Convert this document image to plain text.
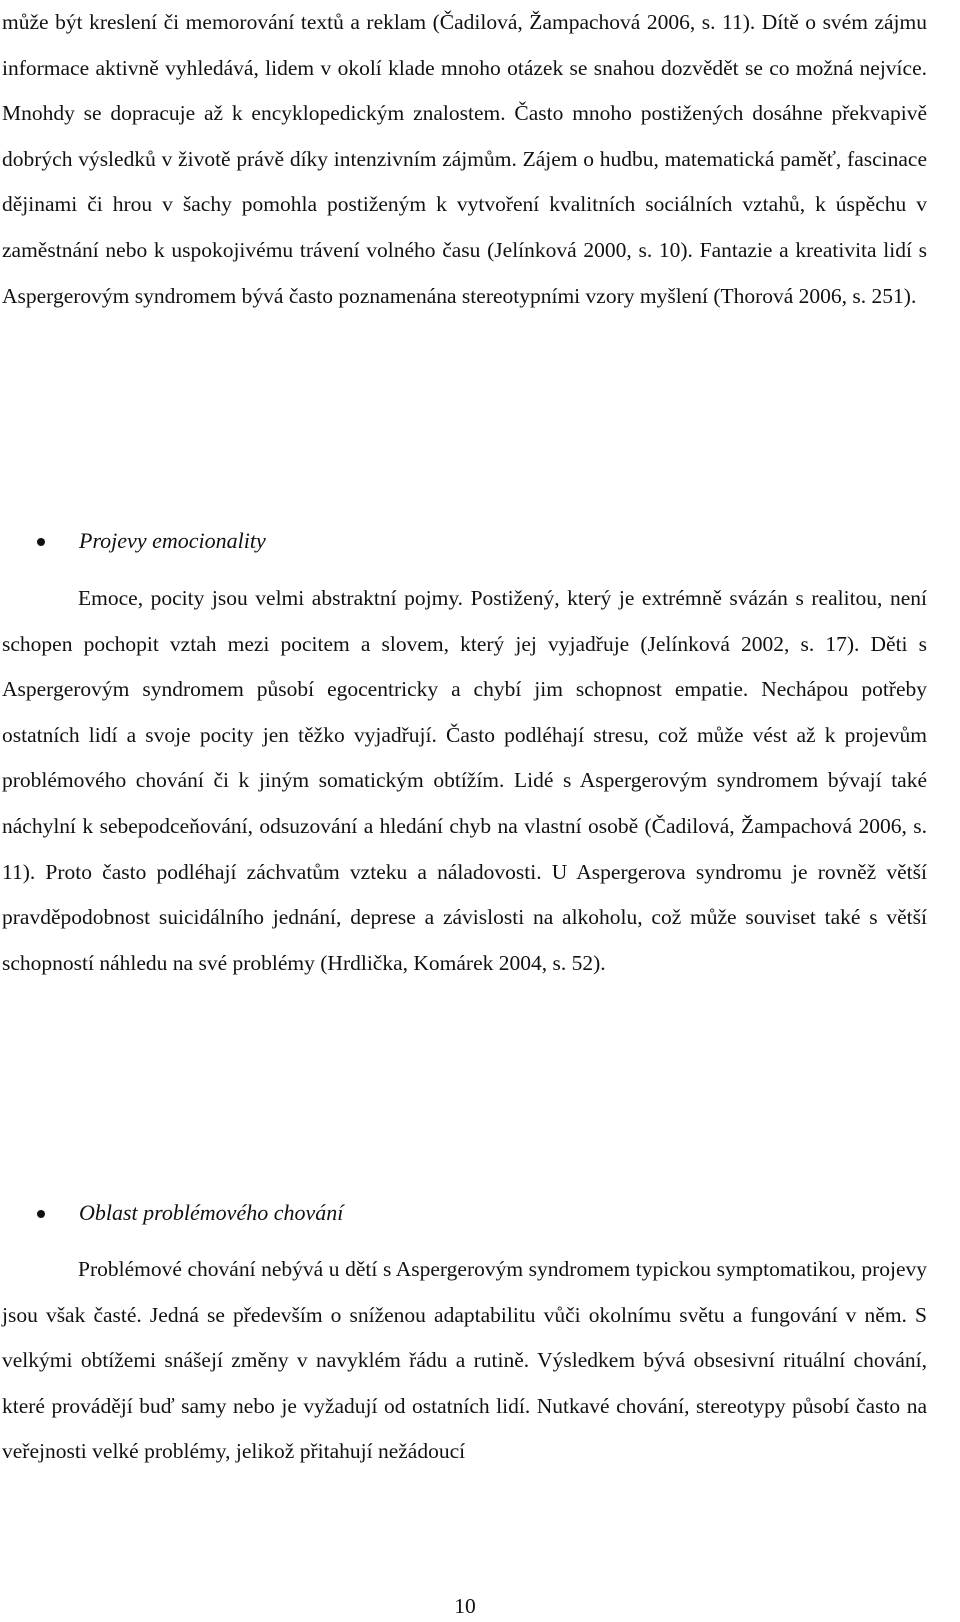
může být kreslení či memorování textů a reklam (Čadilová, Žampachová 2006, s. 11). Dítě o svém zájmu informace aktivně vyhledává, lidem v okolí klade mnoho otázek se snahou dozvědět se co možná nejvíce. Mnohdy se dopracuje až k encyklopedickým znalostem. Často mnoho postižených dosáhne překvapivě dobrých výsledků v životě právě díky intenzivním zájmům. Zájem o hudbu, matematická paměť, fascinace dějinami či hrou v šachy pomohla postiženým k vytvoření kvalitních sociálních vztahů, k úspěchu v zaměstnání nebo k uspokojivému trávení volného času (Jelínková 2000, s. 10). Fantazie a kreativita lidí s Aspergerovým syndromem bývá často poznamenána stereotypními vzory myšlení (Thorová 2006, s. 251).

Projevy emocionality

Emoce, pocity jsou velmi abstraktní pojmy. Postižený, který je extrémně svázán s realitou, není schopen pochopit vztah mezi pocitem a slovem, který jej vyjadřuje (Jelínková 2002, s. 17). Děti s Aspergerovým syndromem působí egocentricky a chybí jim schopnost empatie. Nechápou potřeby ostatních lidí a svoje pocity jen těžko vyjadřují. Často podléhají stresu, což může vést až k projevům problémového chování či k jiným somatickým obtížím. Lidé s Aspergerovým syndromem bývají také náchylní k sebepodceňování, odsuzování a hledání chyb na vlastní osobě (Čadilová, Žampachová 2006, s. 11). Proto často podléhají záchvatům vzteku a náladovosti. U Aspergerova syndromu je rovněž větší pravděpodobnost suicidálního jednání, deprese a závislosti na alkoholu, což může souviset také s větší schopností náhledu na své problémy (Hrdlička, Komárek 2004, s. 52).

Oblast problémového chování

Problémové chování nebývá u dětí s Aspergerovým syndromem typickou symptomatikou, projevy jsou však časté. Jedná se především o sníženou adaptabilitu vůči okolnímu světu a fungování v něm. S velkými obtížemi snášejí změny v navyklém řádu a rutině. Výsledkem bývá obsesivní rituální chování, které provádějí buď samy nebo je vyžadují od ostatních lidí. Nutkavé chování, stereotypy působí často na veřejnosti velké problémy, jelikož přitahují nežádoucí

10
